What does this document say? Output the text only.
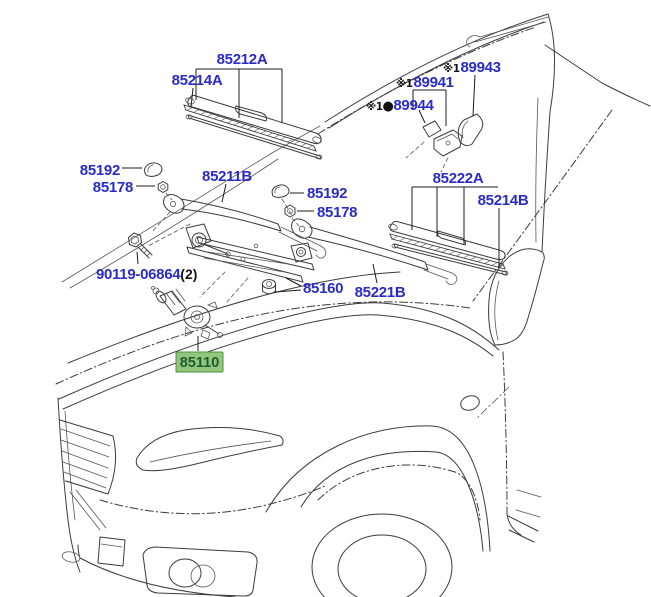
85212A
85214A
※189943
※189941
※1●89944
85192
85178
85211B
85192
85178
85222A
85214B
90119-06864(2)
85160 85221B
85110
